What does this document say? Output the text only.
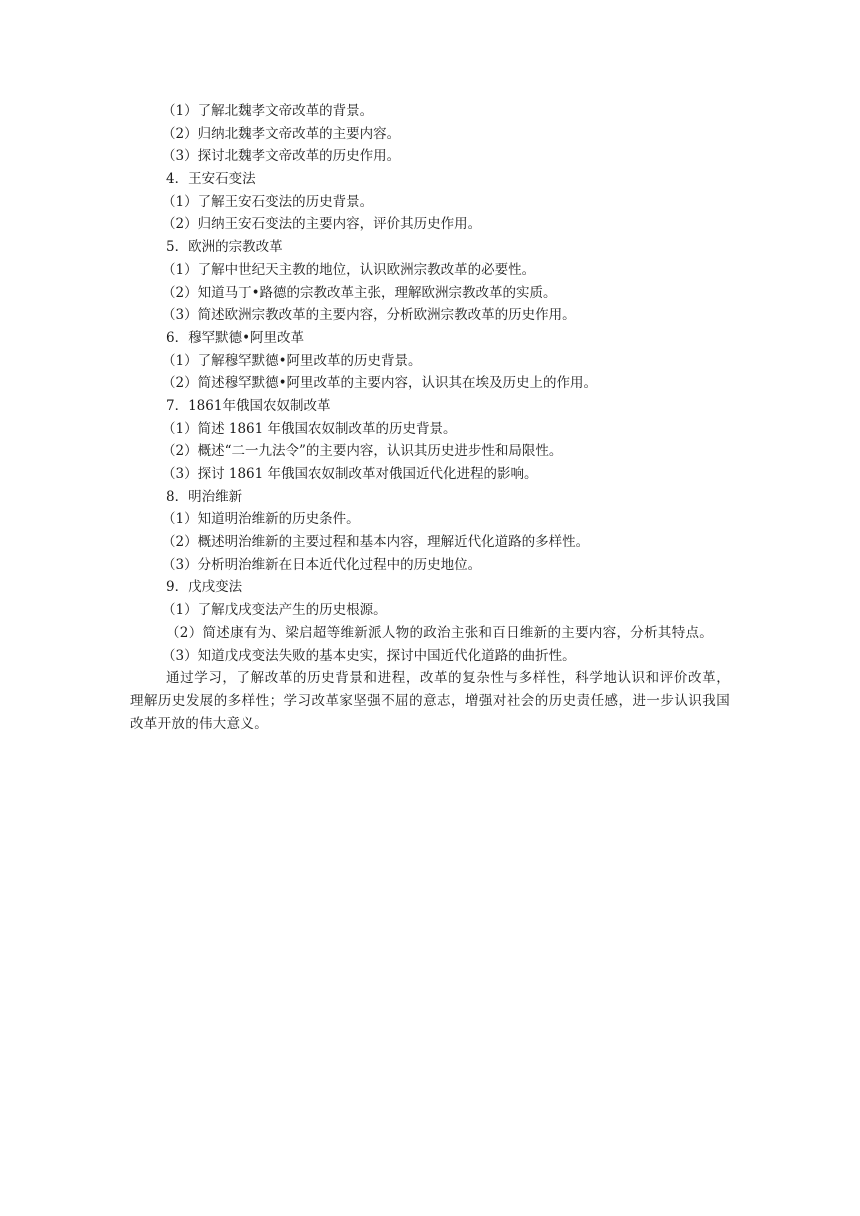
（1）了解北魏孝文帝改革的背景。

（2）归纳北魏孝文帝改革的主要内容。

（3）探讨北魏孝文帝改革的历史作用。

4．王安石变法

（1）了解王安石变法的历史背景。

（2）归纳王安石变法的主要内容，评价其历史作用。

5．欧洲的宗教改革

（1）了解中世纪天主教的地位，认识欧洲宗教改革的必要性。

（2）知道马丁•路德的宗教改革主张，理解欧洲宗教改革的实质。

（3）简述欧洲宗教改革的主要内容，分析欧洲宗教改革的历史作用。

6．穆罕默德•阿里改革

（1）了解穆罕默德•阿里改革的历史背景。

（2）简述穆罕默德•阿里改革的主要内容，认识其在埃及历史上的作用。

7．1861年俄国农奴制改革

（1）简述 1861 年俄国农奴制改革的历史背景。

（2）概述“二一九法令”的主要内容，认识其历史进步性和局限性。

（3）探讨 1861 年俄国农奴制改革对俄国近代化进程的影响。

8．明治维新

（1）知道明治维新的历史条件。

（2）概述明治维新的主要过程和基本内容，理解近代化道路的多样性。

（3）分析明治维新在日本近代化过程中的历史地位。

9．戊戌变法

（1）了解戊戌变法产生的历史根源。

（2）简述康有为、梁启超等维新派人物的政治主张和百日维新的主要内容，分析其特点。

（3）知道戊戌变法失败的基本史实，探讨中国近代化道路的曲折性。

通过学习，了解改革的历史背景和进程，改革的复杂性与多样性，科学地认识和评价改革，理解历史发展的多样性；学习改革家坚强不屈的意志，增强对社会的历史责任感，进一步认识我国改革开放的伟大意义。
